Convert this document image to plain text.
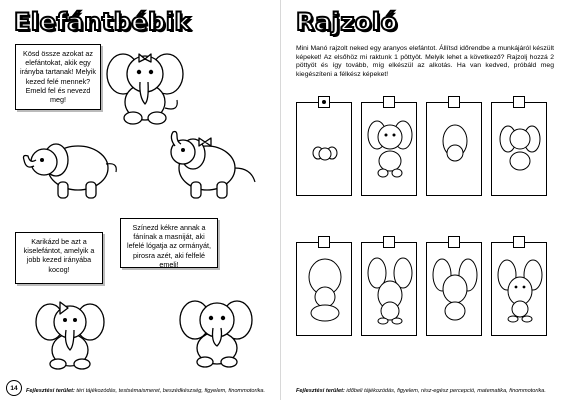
Elefántbébik
Kösd össze azokat az elefántokat, akik egy irányba tartanak! Melyik kezed felé mennek? Emeld fel és nevezd meg!
Színezd kékre annak a fánínak a masniját, aki lefelé lógatja az ormányát, pirosra azét, aki felfelé emeli!
Karikázd be azt a kiselefántot, amelyik a jobb kezed irányába kocog!
14	Fejlesztési terület: téri tájékozódás, testsémaismeret, beszédkészség, figyelem, finommotorika.
Rajzoló
Mini Manó rajzolt neked egy aranyos elefántot. Állítsd időrendbe a munkájáról készült képeket! Az elsőhöz mi raktunk 1 pöttyöt. Melyik lehet a következő? Rajzolj hozzá 2 pöttyöt és így tovább, míg elkészül az alkotás. Ha van kedved, próbáld meg kiegészíteni a félkész képeket!
Fejlesztési terület: időbeli tájékozódás, figyelem, rész-egész percepció, matematika, finommotorika.
